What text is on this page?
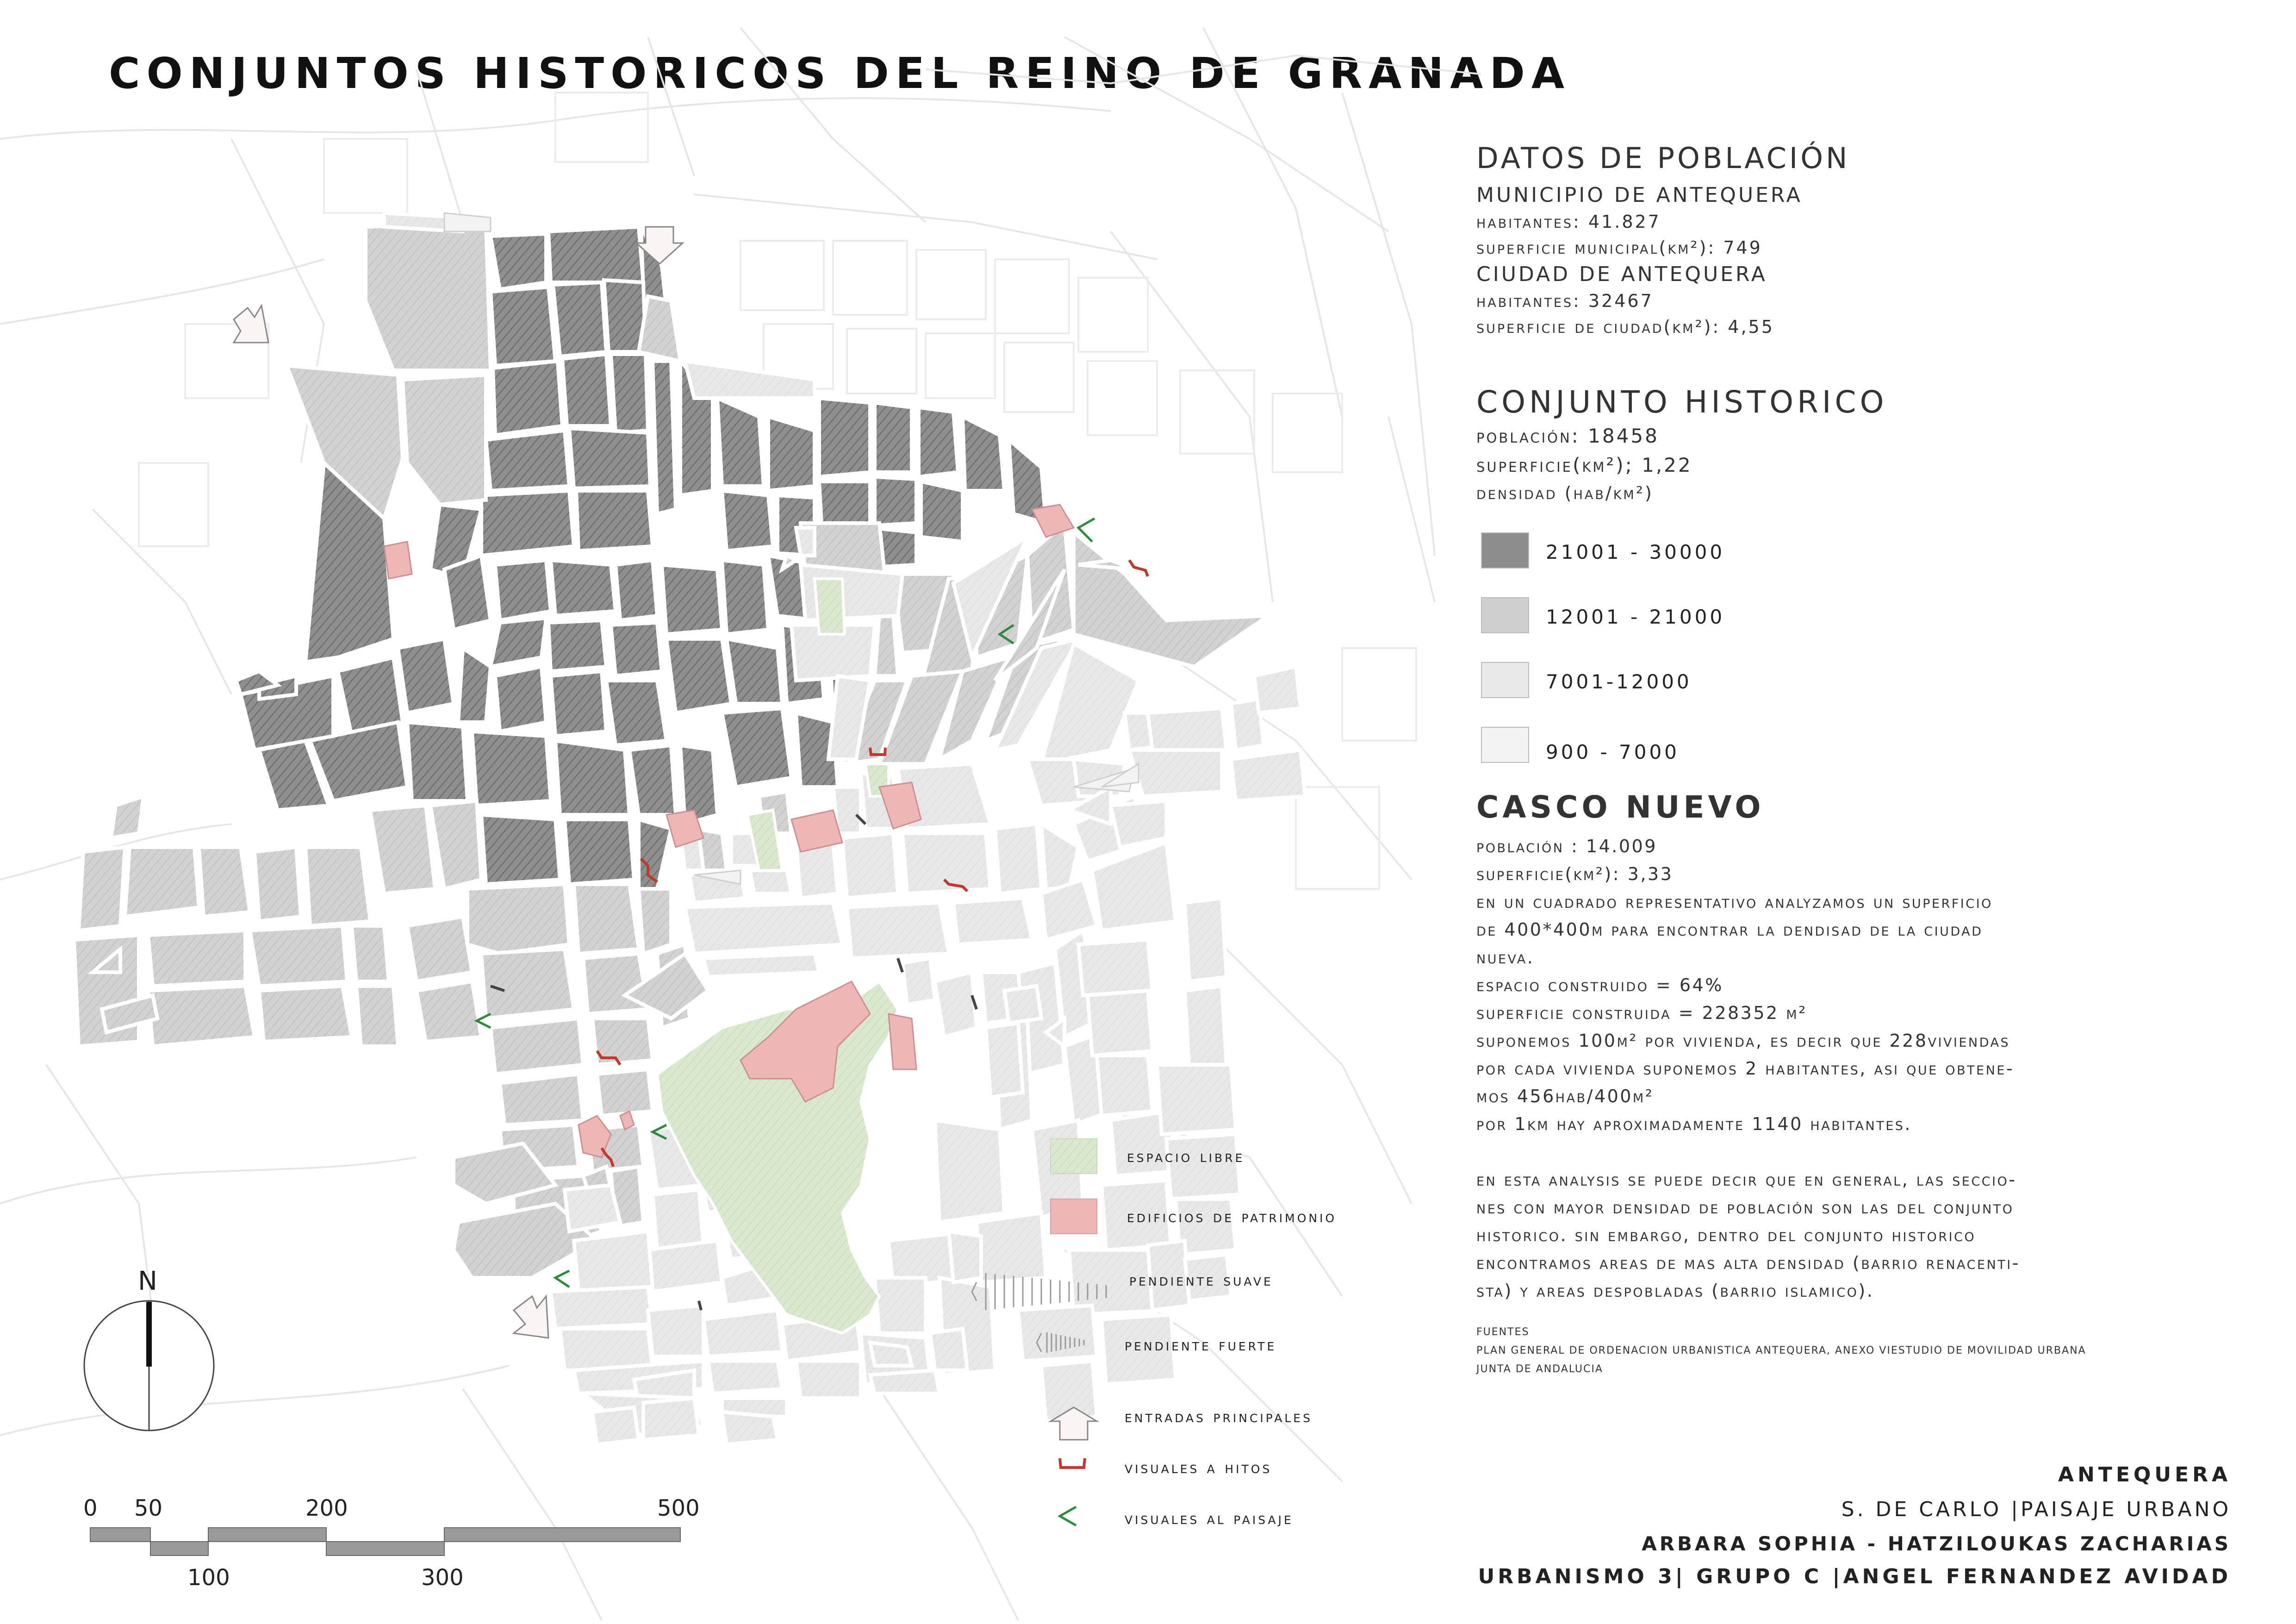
CONJUNTOS HISTORICOS DEL REINO DE GRANADA
N
0 50	200	500
100	300
espacio libre
edificios de patrimonio
pendiente suave
pendiente fuerte
entradas principales
visuales a hitos
visuales al paisaje
DATOS DE POBLACIÓN
MUNICIPIO DE ANTEQUERA
habitantes: 41.827
superficie municipal(km²): 749
CIUDAD DE ANTEQUERA
habitantes: 32467
superficie de ciudad(km²): 4,55
CONJUNTO HISTORICO
población: 18458
superficie(km²); 1,22
densidad (hab/km²)
21001 - 30000
12001 - 21000
7001-12000
900 - 7000
CASCO NUEVO
población : 14.009
superficie(km²): 3,33
en un cuadrado representativo analyzamos un superficio
de 400*400m para encontrar la dendisad de la ciudad
nueva.
espacio construido = 64%
superficie construida = 228352 m²
suponemos 100m² por vivienda, es decir que 228viviendas
por cada vivienda suponemos 2 habitantes, asi que obtene-
mos 456hab/400m²
por 1km hay aproximadamente 1140 habitantes.
en esta analysis se puede decir que en general, las seccio-
nes con mayor densidad de población son las del conjunto
historico. sin embargo, dentro del conjunto historico
encontramos areas de mas alta densidad (barrio renacenti-
sta) y areas despobladas (barrio islamico).
FUENTES
PLAN GENERAL DE ORDENACION URBANISTICA ANTEQUERA, ANEXO VIESTUDIO DE MOVILIDAD URBANA
JUNTA DE ANDALUCIA
ANTEQUERA
S. DE CARLO |PAISAJE URBANO
ARBARA SOPHIA - HATZILOUKAS ZACHARIAS
URBANISMO 3| GRUPO C |ANGEL FERNANDEZ AVIDAD
